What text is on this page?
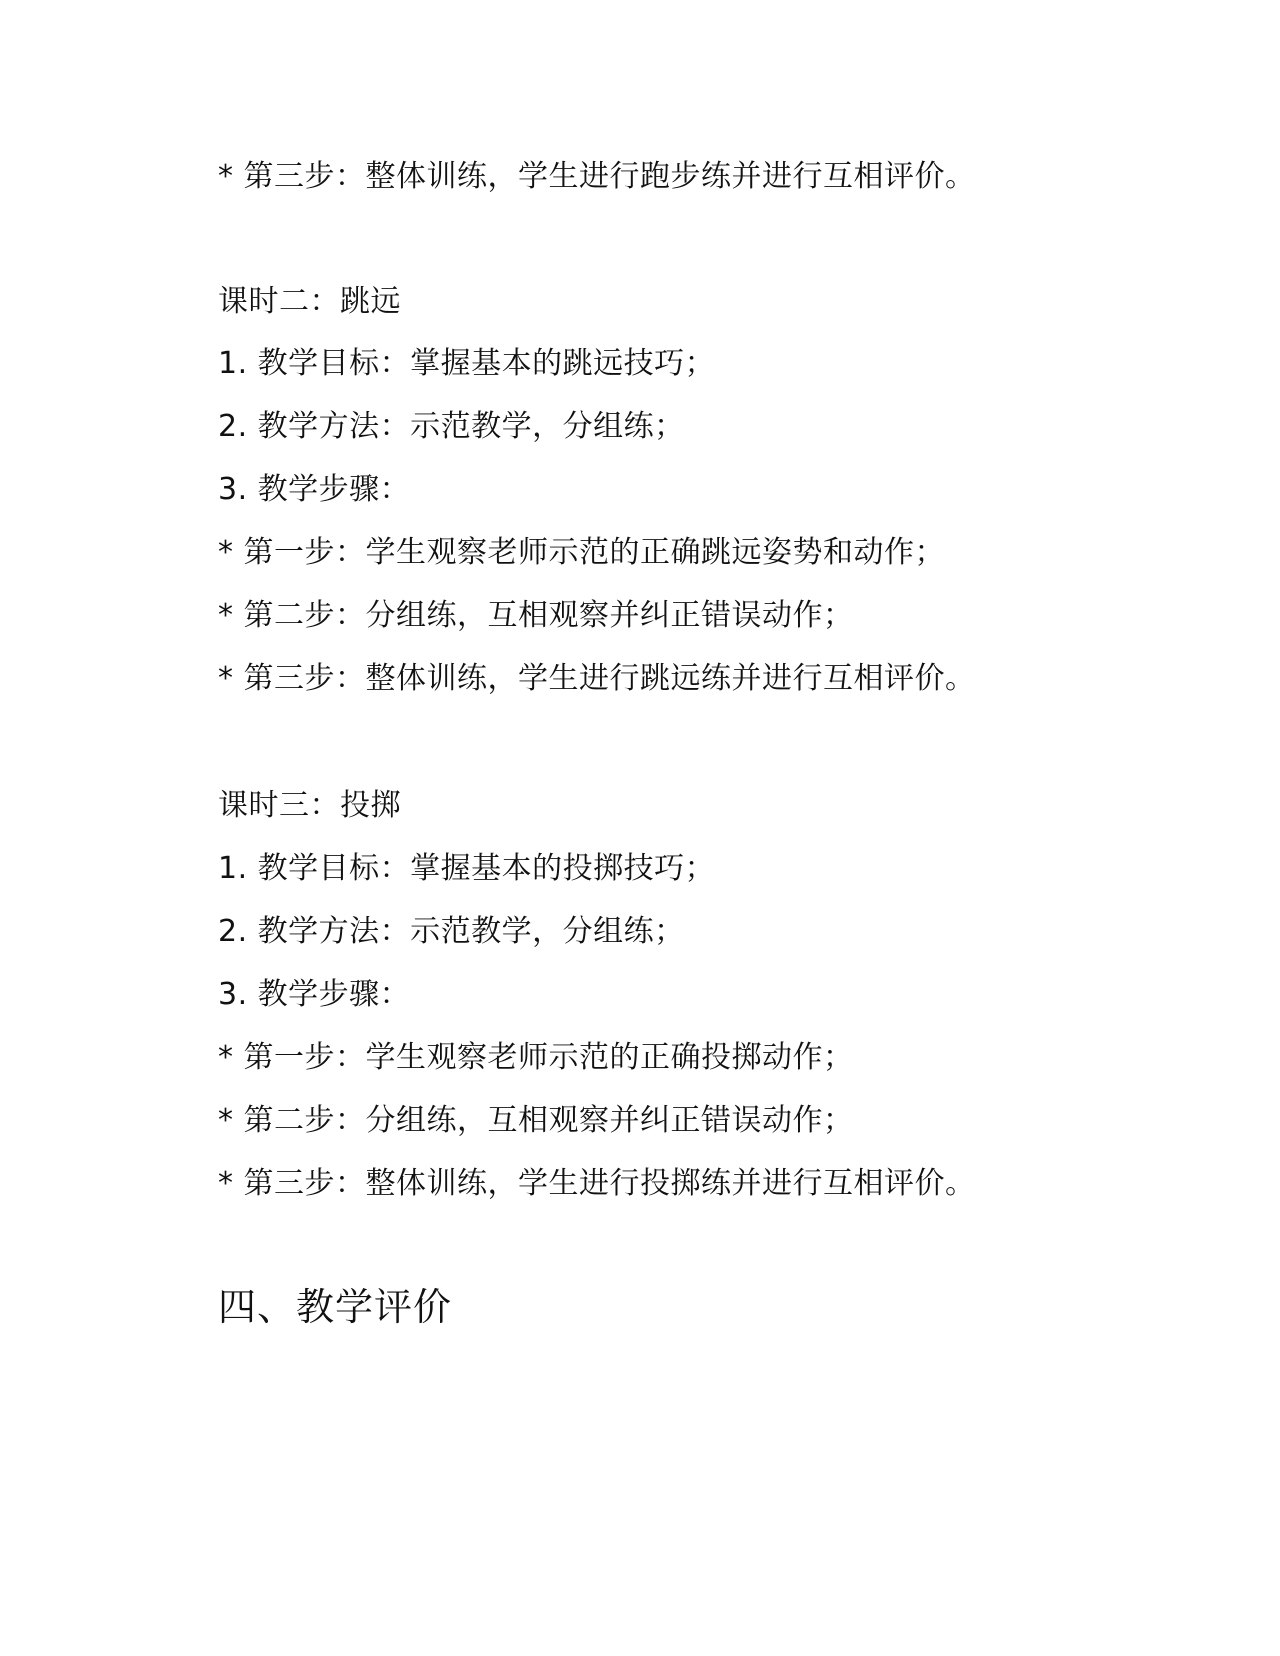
* 第三步：整体训练，学生进行跑步练并进行互相评价。
课时二：跳远
1. 教学目标：掌握基本的跳远技巧；
2. 教学方法：示范教学，分组练；
3. 教学步骤：
* 第一步：学生观察老师示范的正确跳远姿势和动作；
* 第二步：分组练，互相观察并纠正错误动作；
* 第三步：整体训练，学生进行跳远练并进行互相评价。
课时三：投掷
1. 教学目标：掌握基本的投掷技巧；
2. 教学方法：示范教学，分组练；
3. 教学步骤：
* 第一步：学生观察老师示范的正确投掷动作；
* 第二步：分组练，互相观察并纠正错误动作；
* 第三步：整体训练，学生进行投掷练并进行互相评价。
四、教学评价
